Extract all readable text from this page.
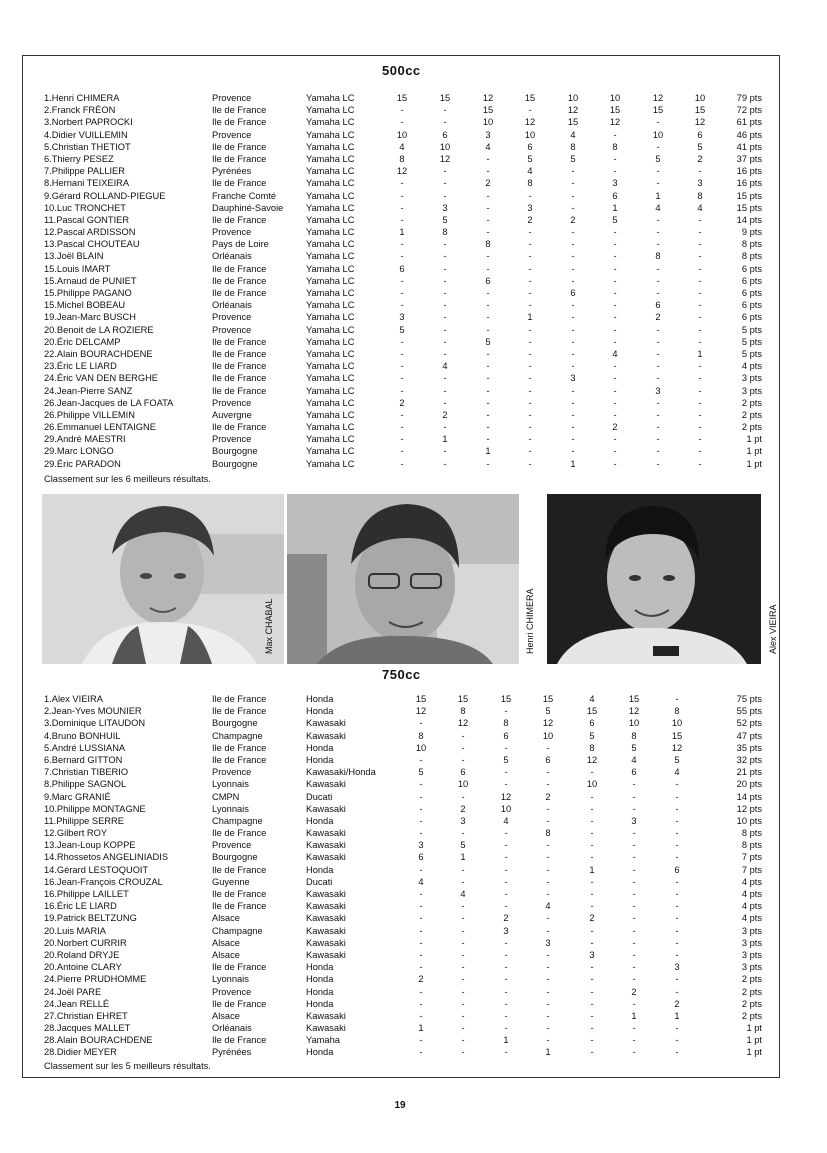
500cc
1.Henri CHIMERA	Provence	Yamaha LC	15	15	12	15	10	10	12	10	79 pts
2.Franck FRÉON	Ile de France	Yamaha LC	-	-	15	-	12	15	15	15	72 pts
3.Norbert PAPROCKI	Ile de France	Yamaha LC	-	-	10	12	15	12	-	12	61 pts
4.Didier VUILLEMIN	Provence	Yamaha LC	10	6	3	10	4	-	10	6	46 pts
5.Christian THETIOT	Ile de France	Yamaha LC	4	10	4	6	8	8	-	5	41 pts
6.Thierry PESEZ	Ile de France	Yamaha LC	8	12	-	5	5	-	5	2	37 pts
7.Philippe PALLIER	Pyrénées	Yamaha LC	12	-	-	4	-	-	-	-	16 pts
8.Hernani TEIXEIRA	Ile de France	Yamaha LC	-	-	2	8	-	3	-	3	16 pts
9.Gérard ROLLAND-PIEGUE	Franche Comté	Yamaha LC	-	-	-	-	-	6	1	8	15 pts
10.Luc TRONCHET	Dauphiné-Savoie	Yamaha LC	-	3	-	3	-	1	4	4	15 pts
11.Pascal GONTIER	Ile de France	Yamaha LC	-	5	-	2	2	5	-	-	14 pts
12.Pascal ARDISSON	Provence	Yamaha LC	1	8	-	-	-	-	-	-	9 pts
13.Pascal CHOUTEAU	Pays de Loire	Yamaha LC	-	-	8	-	-	-	-	-	8 pts
13.Joël BLAIN	Orléanais	Yamaha LC	-	-	-	-	-	-	8	-	8 pts
15.Louis IMART	Ile de France	Yamaha LC	6	-	-	-	-	-	-	-	6 pts
15.Arnaud de PUNIET	Ile de France	Yamaha LC	-	-	6	-	-	-	-	-	6 pts
15.Philippe PAGANO	Ile de France	Yamaha LC	-	-	-	-	6	-	-	-	6 pts
15.Michel BOBEAU	Orléanais	Yamaha LC	-	-	-	-	-	-	6	-	6 pts
19.Jean-Marc BUSCH	Provence	Yamaha LC	3	-	-	1	-	-	2	-	6 pts
20.Benoit de LA ROZIERE	Provence	Yamaha LC	5	-	-	-	-	-	-	-	5 pts
20.Éric DELCAMP	Ile de France	Yamaha LC	-	-	5	-	-	-	-	-	5 pts
22.Alain BOURACHDENE	Ile de France	Yamaha LC	-	-	-	-	-	4	-	1	5 pts
23.Éric LE LIARD	Ile de France	Yamaha LC	-	4	-	-	-	-	-	-	4 pts
24.Éric VAN DEN BERGHE	Ile de France	Yamaha LC	-	-	-	-	3	-	-	-	3 pts
24.Jean-Pierre SANZ	Ile de France	Yamaha LC	-	-	-	-	-	-	3	-	3 pts
26.Jean-Jacques de LA FOATA	Provence	Yamaha LC	2	-	-	-	-	-	-	-	2 pts
26.Philippe VILLEMIN	Auvergne	Yamaha LC	-	2	-	-	-	-	-	-	2 pts
26.Emmanuel LENTAIGNE	Ile de France	Yamaha LC	-	-	-	-	-	2	-	-	2 pts
29.André MAESTRI	Provence	Yamaha LC	-	1	-	-	-	-	-	-	1 pt
29.Marc LONGO	Bourgogne	Yamaha LC	-	-	1	-	-	-	-	-	1 pt
29.Éric PARADON	Bourgogne	Yamaha LC	-	-	-	-	1	-	-	-	1 pt
Classement sur les 6 meilleurs résultats.
Max CHABAL	Henri CHIMERA	Alex VIEIRA
750cc
1.Alex VIEIRA	Ile de France	Honda	15	15	15	15	4	15	-	75 pts
2.Jean-Yves MOUNIER	Ile de France	Honda	12	8	-	5	15	12	8	55 pts
3.Dominique LITAUDON	Bourgogne	Kawasaki	-	12	8	12	6	10	10	52 pts
4.Bruno BONHUIL	Champagne	Kawasaki	8	-	6	10	5	8	15	47 pts
5.André LUSSIANA	Ile de France	Honda	10	-	-	-	8	5	12	35 pts
6.Bernard GITTON	Ile de France	Honda	-	-	5	6	12	4	5	32 pts
7.Christian TIBERIO	Provence	Kawasaki/Honda	5	6	-	-	-	6	4	21 pts
8.Philippe SAGNOL	Lyonnais	Kawasaki	-	10	-	-	10	-	-	20 pts
9.Marc GRANIÉ	CMPN	Ducati	-	-	12	2	-	-	-	14 pts
10.Philippe MONTAGNE	Lyonnais	Kawasaki	-	2	10	-	-	-	-	12 pts
11.Philippe SERRE	Champagne	Honda	-	3	4	-	-	3	-	10 pts
12.Gilbert ROY	Ile de France	Kawasaki	-	-	-	8	-	-	-	8 pts
13.Jean-Loup KOPPE	Provence	Kawasaki	3	5	-	-	-	-	-	8 pts
14.Rhossetos ANGELINIADIS	Bourgogne	Kawasaki	6	1	-	-	-	-	-	7 pts
14.Gérard LESTOQUOIT	Ile de France	Honda	-	-	-	-	1	-	6	7 pts
16.Jean-François CROUZAL	Guyenne	Ducati	4	-	-	-	-	-	-	4 pts
16.Philippe LAILLET	Ile de France	Kawasaki	-	4	-	-	-	-	-	4 pts
16.Éric LE LIARD	Ile de France	Kawasaki	-	-	-	4	-	-	-	4 pts
19.Patrick BELTZUNG	Alsace	Kawasaki	-	-	2	-	2	-	-	4 pts
20.Luis MARIA	Champagne	Kawasaki	-	-	3	-	-	-	-	3 pts
20.Norbert CURRIR	Alsace	Kawasaki	-	-	-	3	-	-	-	3 pts
20.Roland DRYJE	Alsace	Kawasaki	-	-	-	-	3	-	-	3 pts
20.Antoine CLARY	Ile de France	Honda	-	-	-	-	-	-	3	3 pts
24.Pierre PRUDHOMME	Lyonnais	Honda	2	-	-	-	-	-	-	2 pts
24.Joël PARE	Provence	Honda	-	-	-	-	-	2	-	2 pts
24.Jean RELLÉ	Ile de France	Honda	-	-	-	-	-	-	2	2 pts
27.Christian EHRET	Alsace	Kawasaki	-	-	-	-	-	1	1	2 pts
28.Jacques MALLET	Orléanais	Kawasaki	1	-	-	-	-	-	-	1 pt
28.Alain BOURACHDENE	Ile de France	Yamaha	-	-	1	-	-	-	-	1 pt
28.Didier MEYER	Pyrénées	Honda	-	-	-	1	-	-	-	1 pt
Classement sur les 5 meilleurs résultats.
19
